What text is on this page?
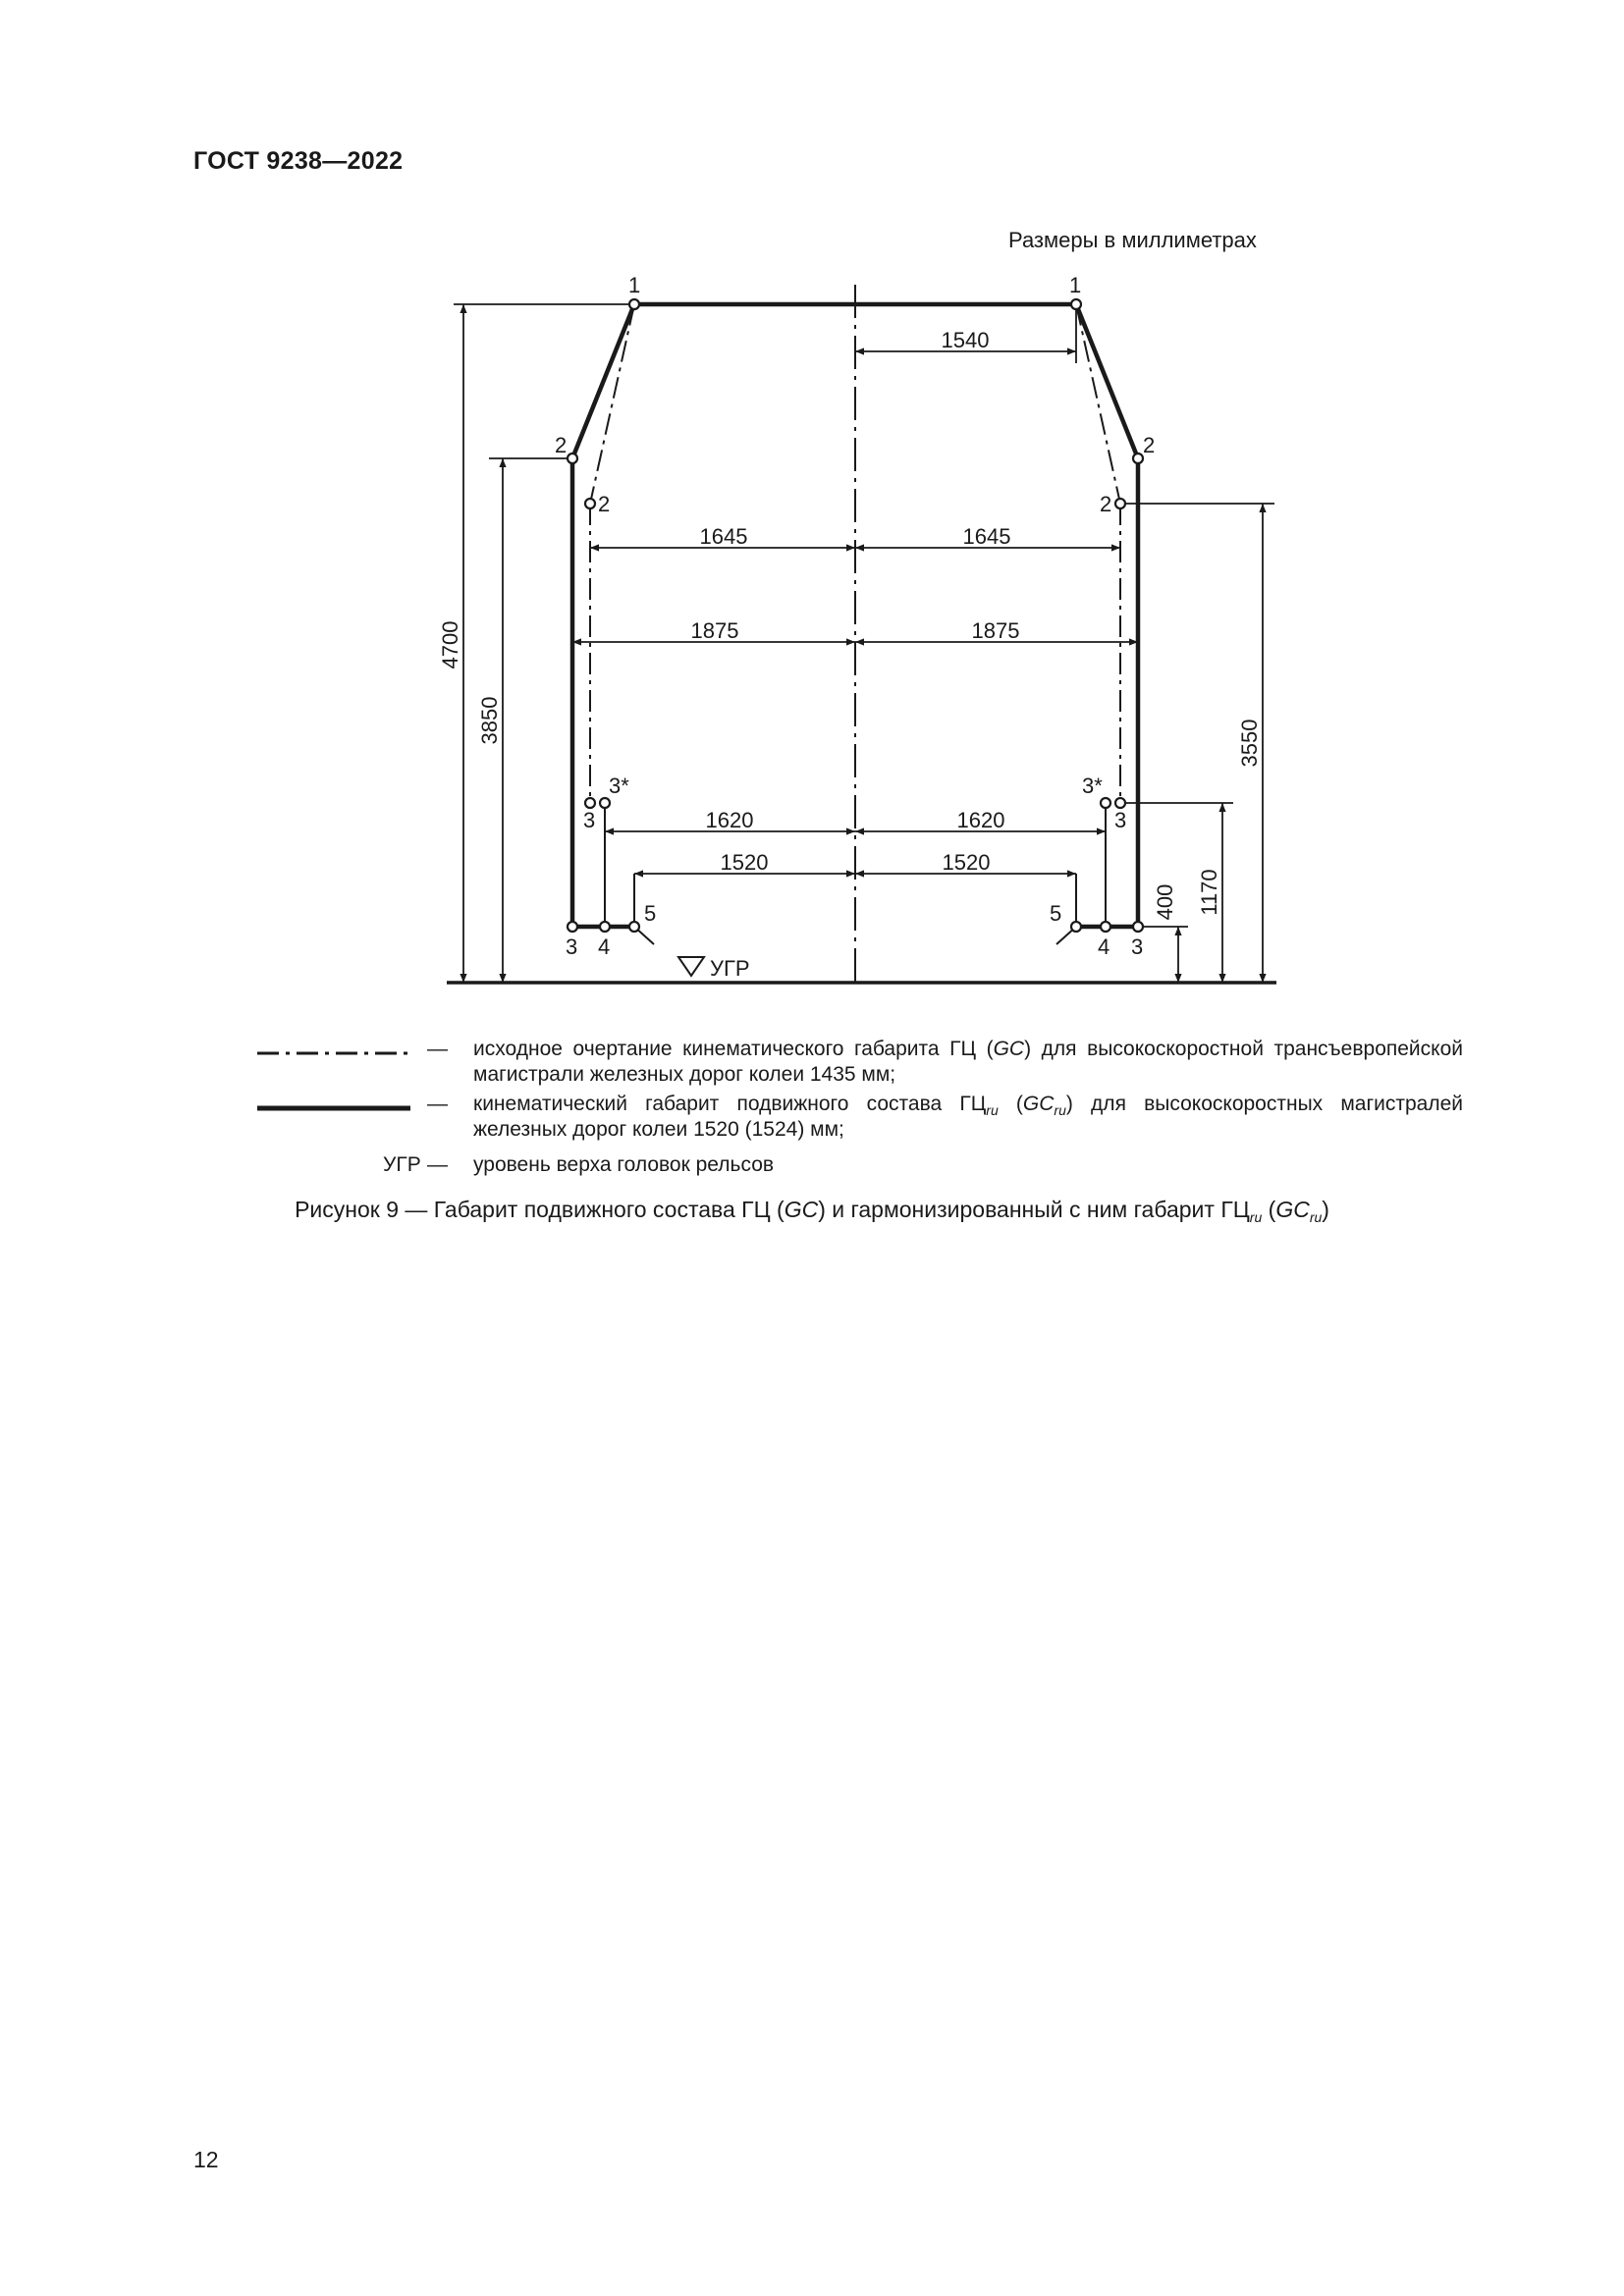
ГОСТ 9238—2022
Размеры в миллиметрах
1540
1645	1645
1875	1875
1620	1620
1520	1520
4700
3850	3550
1170
400
1	1
2	2
2	2
3*
3
3*
3
5	5
3 4	4 3
УГР
— исходное очертание кинематического габарита ГЦ (GC) для высокоскоростной трансъевропейской магистрали железных дорог колеи 1435 мм;
— кинематический габарит подвижного состава $ГЦ_{ru}$ $(GC_{ru})$ для высокоскоростных магистралей железных дорог колеи 1520 (1524) мм;
УГР — уровень верха головок рельсов
Рисунок 9 — Габарит подвижного состава ГЦ (GC) и гармонизированный с ним габарит $ГЦ_{ru}$ $(GC_{ru})$
12
